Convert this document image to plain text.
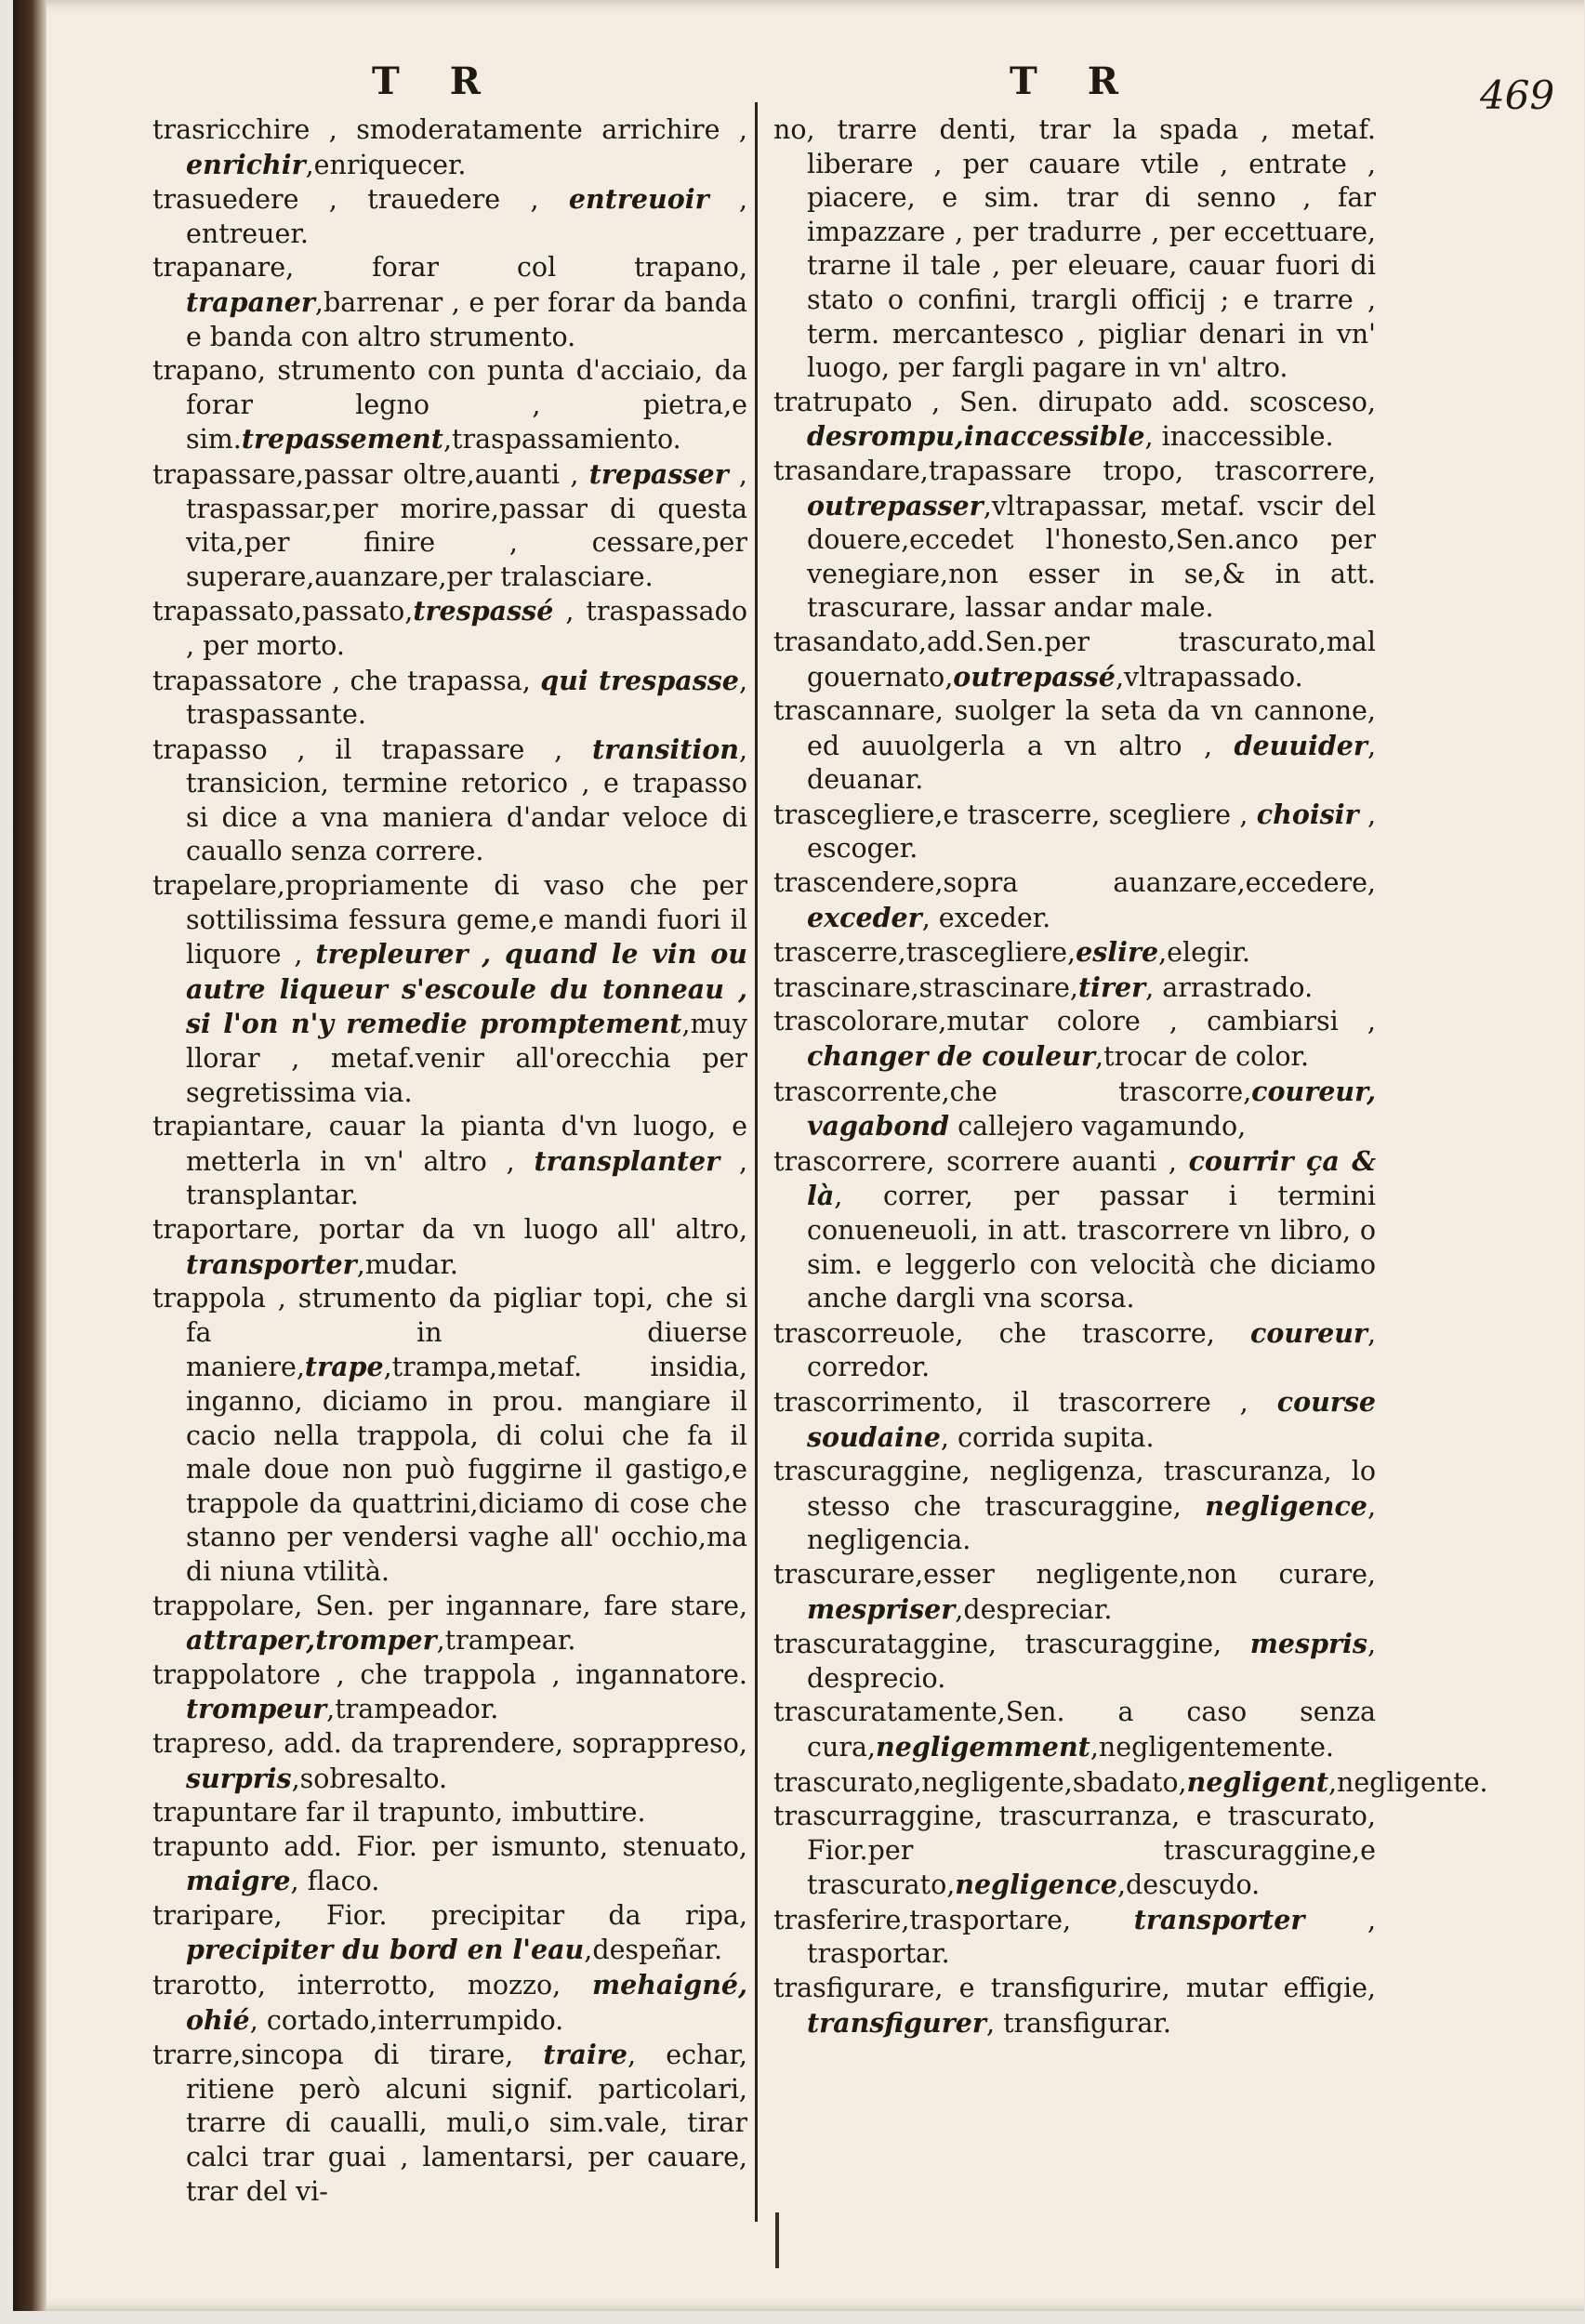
T R	T R	469

trasricchire , smoderatamente arrichire , enrichir,enriquecer.

trasuedere , trauedere , entreuoir , entreuer.

trapanare, forar col trapano, trapaner,barrenar , e per forar da banda e banda con altro strumento.

trapano, strumento con punta d'acciaio, da forar legno , pietra,e sim.trepassement,traspassamiento.

trapassare,passar oltre,auanti , trepasser , traspassar,per morire,passar di questa vita,per finire , cessare,per superare,auanzare,per tralasciare.

trapassato,passato,trespassé , traspassado , per morto.

trapassatore , che trapassa, qui trespasse, traspassante.

trapasso , il trapassare , transition, transicion, termine retorico , e trapasso si dice a vna maniera d'andar veloce di cauallo senza correre.

trapelare,propriamente di vaso che per sottilissima fessura geme,e mandi fuori il liquore , trepleurer , quand le vin ou autre liqueur s'escoule du tonneau , si l'on n'y remedie promptement,muy llorar , metaf.venir all'orecchia per segretissima via.

trapiantare, cauar la pianta d'vn luogo, e metterla in vn' altro , transplanter , transplantar.

traportare, portar da vn luogo all' altro, transporter,mudar.

trappola , strumento da pigliar topi, che si fa in diuerse maniere,trape,trampa,metaf. insidia, inganno, diciamo in prou. mangiare il cacio nella trappola, di colui che fa il male doue non può fuggirne il gastigo,e trappole da quattrini,diciamo di cose che stanno per vendersi vaghe all' occhio,ma di niuna vtilità.

trappolare, Sen. per ingannare, fare stare, attraper,tromper,trampear.

trappolatore , che trappola , ingannatore. trompeur,trampeador.

trapreso, add. da traprendere, soprappreso, surpris,sobresalto.

trapuntare far il trapunto, imbuttire.

trapunto add. Fior. per ismunto, stenuato, maigre, flaco.

traripare, Fior. precipitar da ripa, precipiter du bord en l'eau,despeñar.

trarotto, interrotto, mozzo, mehaigné, ohié, cortado,interrumpido.

trarre,sincopa di tirare, traire, echar, ritiene però alcuni signif. particolari, trarre di caualli, muli,o sim.vale, tirar calci trar guai , lamentarsi, per cauare, trar del vi-

no, trarre denti, trar la spada , metaf. liberare , per cauare vtile , entrate , piacere, e sim. trar di senno , far impazzare , per tradurre , per eccettuare, trarne il tale , per eleuare, cauar fuori di stato o confini, trargli officij ; e trarre , term. mercantesco , pigliar denari in vn' luogo, per fargli pagare in vn' altro.

tratrupato , Sen. dirupato add. scosceso, desrompu,inaccessible, inaccessible.

trasandare,trapassare tropo, trascorrere, outrepasser,vltrapassar, metaf. vscir del douere,eccedet l'honesto,Sen.anco per venegiare,non esser in se,& in att. trascurare, lassar andar male.

trasandato,add.Sen.per trascurato,mal gouernato,outrepassé,vltrapassado.

trascannare, suolger la seta da vn cannone, ed auuolgerla a vn altro , deuuider, deuanar.

trascegliere,e trascerre, scegliere , choisir , escoger.

trascendere,sopra auanzare,eccedere, exceder, exceder.

trascerre,trascegliere,eslire,elegir.

trascinare,strascinare,tirer, arrastrado.

trascolorare,mutar colore , cambiarsi , changer de couleur,trocar de color.

trascorrente,che trascorre,coureur, vagabond callejero vagamundo,

trascorrere, scorrere auanti , courrir ça & là, correr, per passar i termini conueneuoli, in att. trascorrere vn libro, o sim. e leggerlo con velocità che diciamo anche dargli vna scorsa.

trascorreuole, che trascorre, coureur, corredor.

trascorrimento, il trascorrere , course soudaine, corrida supita.

trascuraggine, negligenza, trascuranza, lo stesso che trascuraggine, negligence, negligencia.

trascurare,esser negligente,non curare, mespriser,despreciar.

trascurataggine, trascuraggine, mespris, desprecio.

trascuratamente,Sen. a caso senza cura,negligemment,negligentemente.

trascurato,negligente,sbadato,negligent,negligente.

trascurraggine, trascurranza, e trascurato, Fior.per trascuraggine,e trascurato,negligence,descuydo.

trasferire,trasportare, transporter , trasportar.

trasfigurare, e transfigurire, mutar effigie, transfigurer, transfigurar.
